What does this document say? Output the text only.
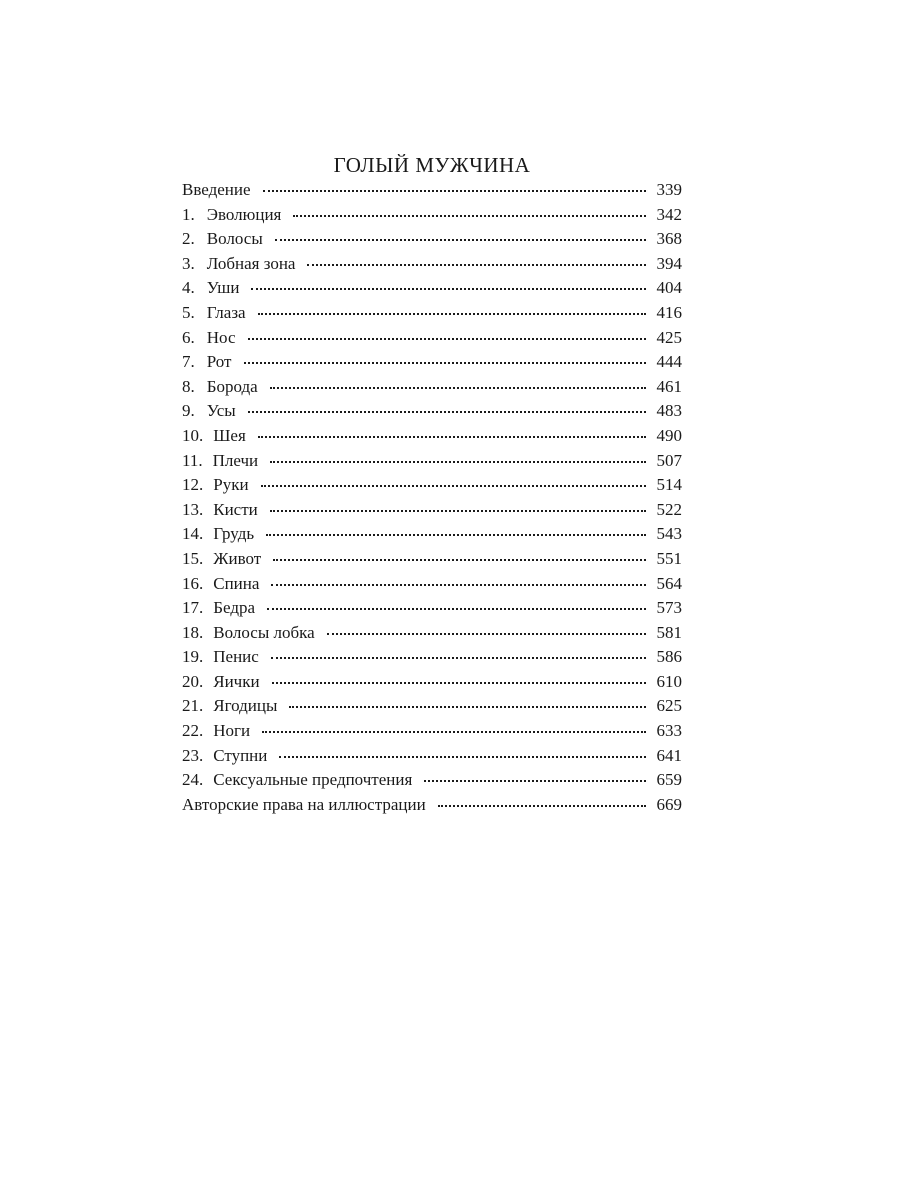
ГОЛЫЙ МУЖЧИНА
Введение	339
1. Эволюция	342
2. Волосы	368
3. Лобная зона	394
4. Уши	404
5. Глаза	416
6. Нос	425
7. Рот	444
8. Борода	461
9. Усы	483
10. Шея	490
11. Плечи	507
12. Руки	514
13. Кисти	522
14. Грудь	543
15. Живот	551
16. Спина	564
17. Бедра	573
18. Волосы лобка	581
19. Пенис	586
20. Яички	610
21. Ягодицы	625
22. Ноги	633
23. Ступни	641
24. Сексуальные предпочтения	659
Авторские права на иллюстрации	669
